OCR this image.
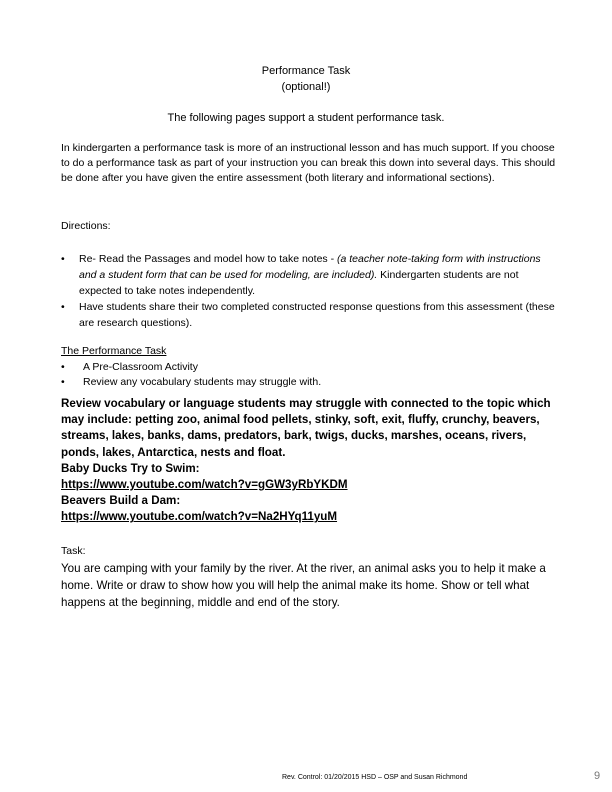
Performance Task
(optional!)
The following pages support a student performance task.
In kindergarten a performance task is more of an instructional lesson and has much support. If you choose to do a performance task as part of your instruction you can break this down into several days. This should be done after you have given the entire assessment (both literary and informational sections).
Directions:
•	Re- Read the Passages and model how to take notes - (a teacher note-taking form with instructions and a student form that can be used for modeling, are included). Kindergarten students are not expected to take notes independently.
•	Have students share their two completed constructed response questions from this assessment (these are research questions).
The Performance Task
• A Pre-Classroom Activity
• Review any vocabulary students may struggle with.
Review vocabulary or language students may struggle with connected to the topic which may include: petting zoo, animal food pellets, stinky, soft, exit, fluffy, crunchy, beavers, streams, lakes, banks, dams, predators, bark, twigs, ducks, marshes, oceans, rivers, ponds, lakes, Antarctica, nests and float.
Baby Ducks Try to Swim:
https://www.youtube.com/watch?v=gGW3yRbYKDM
Beavers Build a Dam:
https://www.youtube.com/watch?v=Na2HYq11yuM
Task:
You are camping with your family by the river. At the river, an animal asks you to help it make a home. Write or draw to show how you will help the animal make its home. Show or tell what happens at the beginning, middle and end of the story.
Rev. Control: 01/20/2015 HSD – OSP and Susan Richmond	9
